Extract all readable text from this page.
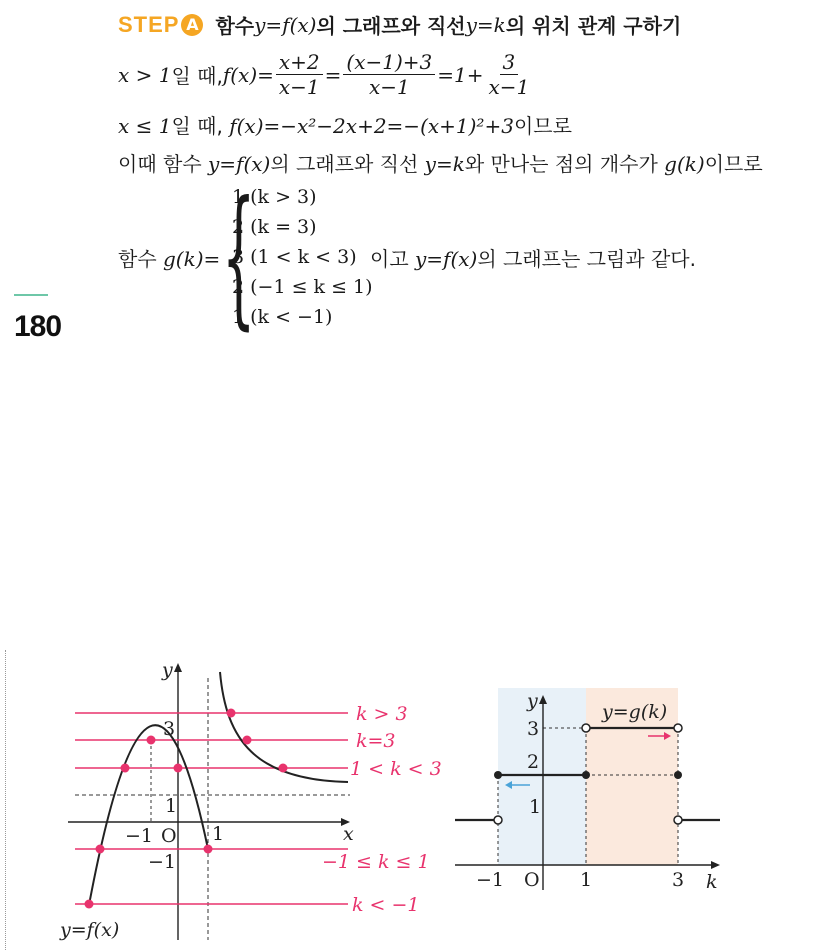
STEP A 함수 y=f(x) 의 그래프와 직선 y=k 의 위치 관계 구하기
x > 1 일 때, $f(x)= \frac{x+2}{x-1} = \frac{(x-1)+3}{x-1} =1+ \frac{3}{x-1}$
x ≤ 1일 때, f(x)=−x²−2x+2=−(x+1)²+3이므로
이때 함수 y=f(x)의 그래프와 직선 y=k와 만나는 점의 개수가 g(k)이므로
함수 g(k)= {
1 (k > 3)
2 (k = 3)
3 (1 < k < 3)
2 (−1 ≤ k ≤ 1)
1 (k < −1)
이고 y=f(x)의 그래프는 그림과 같다.
180
k > 3
k=3
1 < k < 3
−1 ≤ k ≤ 1
k < −1
y
x
3
1
−1
−1 O 1
y=f(x)
y
k
y=g(k)
3
2
1
−1 O 1	3
